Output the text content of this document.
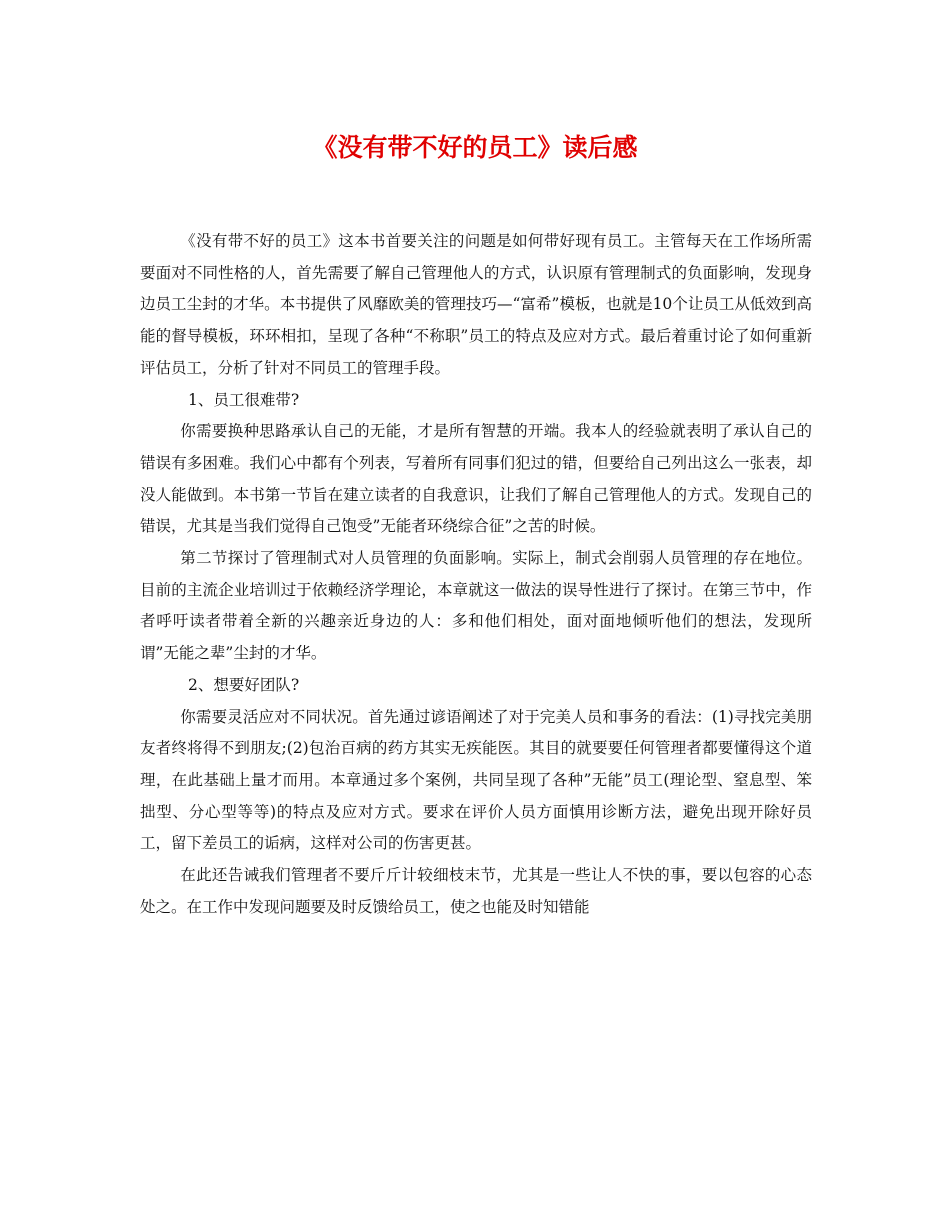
《没有带不好的员工》读后感

《没有带不好的员工》这本书首要关注的问题是如何带好现有员工。主管每天在工作场所需要面对不同性格的人，首先需要了解自己管理他人的方式，认识原有管理制式的负面影响，发现身边员工尘封的才华。本书提供了风靡欧美的管理技巧—“富希”模板，也就是10个让员工从低效到高能的督导模板，环环相扣，呈现了各种“不称职”员工的特点及应对方式。最后着重讨论了如何重新评估员工，分析了针对不同员工的管理手段。

1、员工很难带?

你需要换种思路承认自己的无能，才是所有智慧的开端。我本人的经验就表明了承认自己的错误有多困难。我们心中都有个列表，写着所有同事们犯过的错，但要给自己列出这么一张表，却没人能做到。本书第一节旨在建立读者的自我意识，让我们了解自己管理他人的方式。发现自己的错误，尤其是当我们觉得自己饱受”无能者环绕综合征”之苦的时候。

第二节探讨了管理制式对人员管理的负面影响。实际上，制式会削弱人员管理的存在地位。目前的主流企业培训过于依赖经济学理论，本章就这一做法的误导性进行了探讨。在第三节中，作者呼吁读者带着全新的兴趣亲近身边的人：多和他们相处，面对面地倾听他们的想法，发现所谓”无能之辈”尘封的才华。

2、想要好团队?

你需要灵活应对不同状况。首先通过谚语阐述了对于完美人员和事务的看法：(1)寻找完美朋友者终将得不到朋友;(2)包治百病的药方其实无疾能医。其目的就要要任何管理者都要懂得这个道理，在此基础上量才而用。本章通过多个案例，共同呈现了各种”无能”员工(理论型、窒息型、笨拙型、分心型等等)的特点及应对方式。要求在评价人员方面慎用诊断方法，避免出现开除好员工，留下差员工的诟病，这样对公司的伤害更甚。

在此还告诫我们管理者不要斤斤计较细枝末节，尤其是一些让人不快的事，要以包容的心态处之。在工作中发现问题要及时反馈给员工，使之也能及时知错能
